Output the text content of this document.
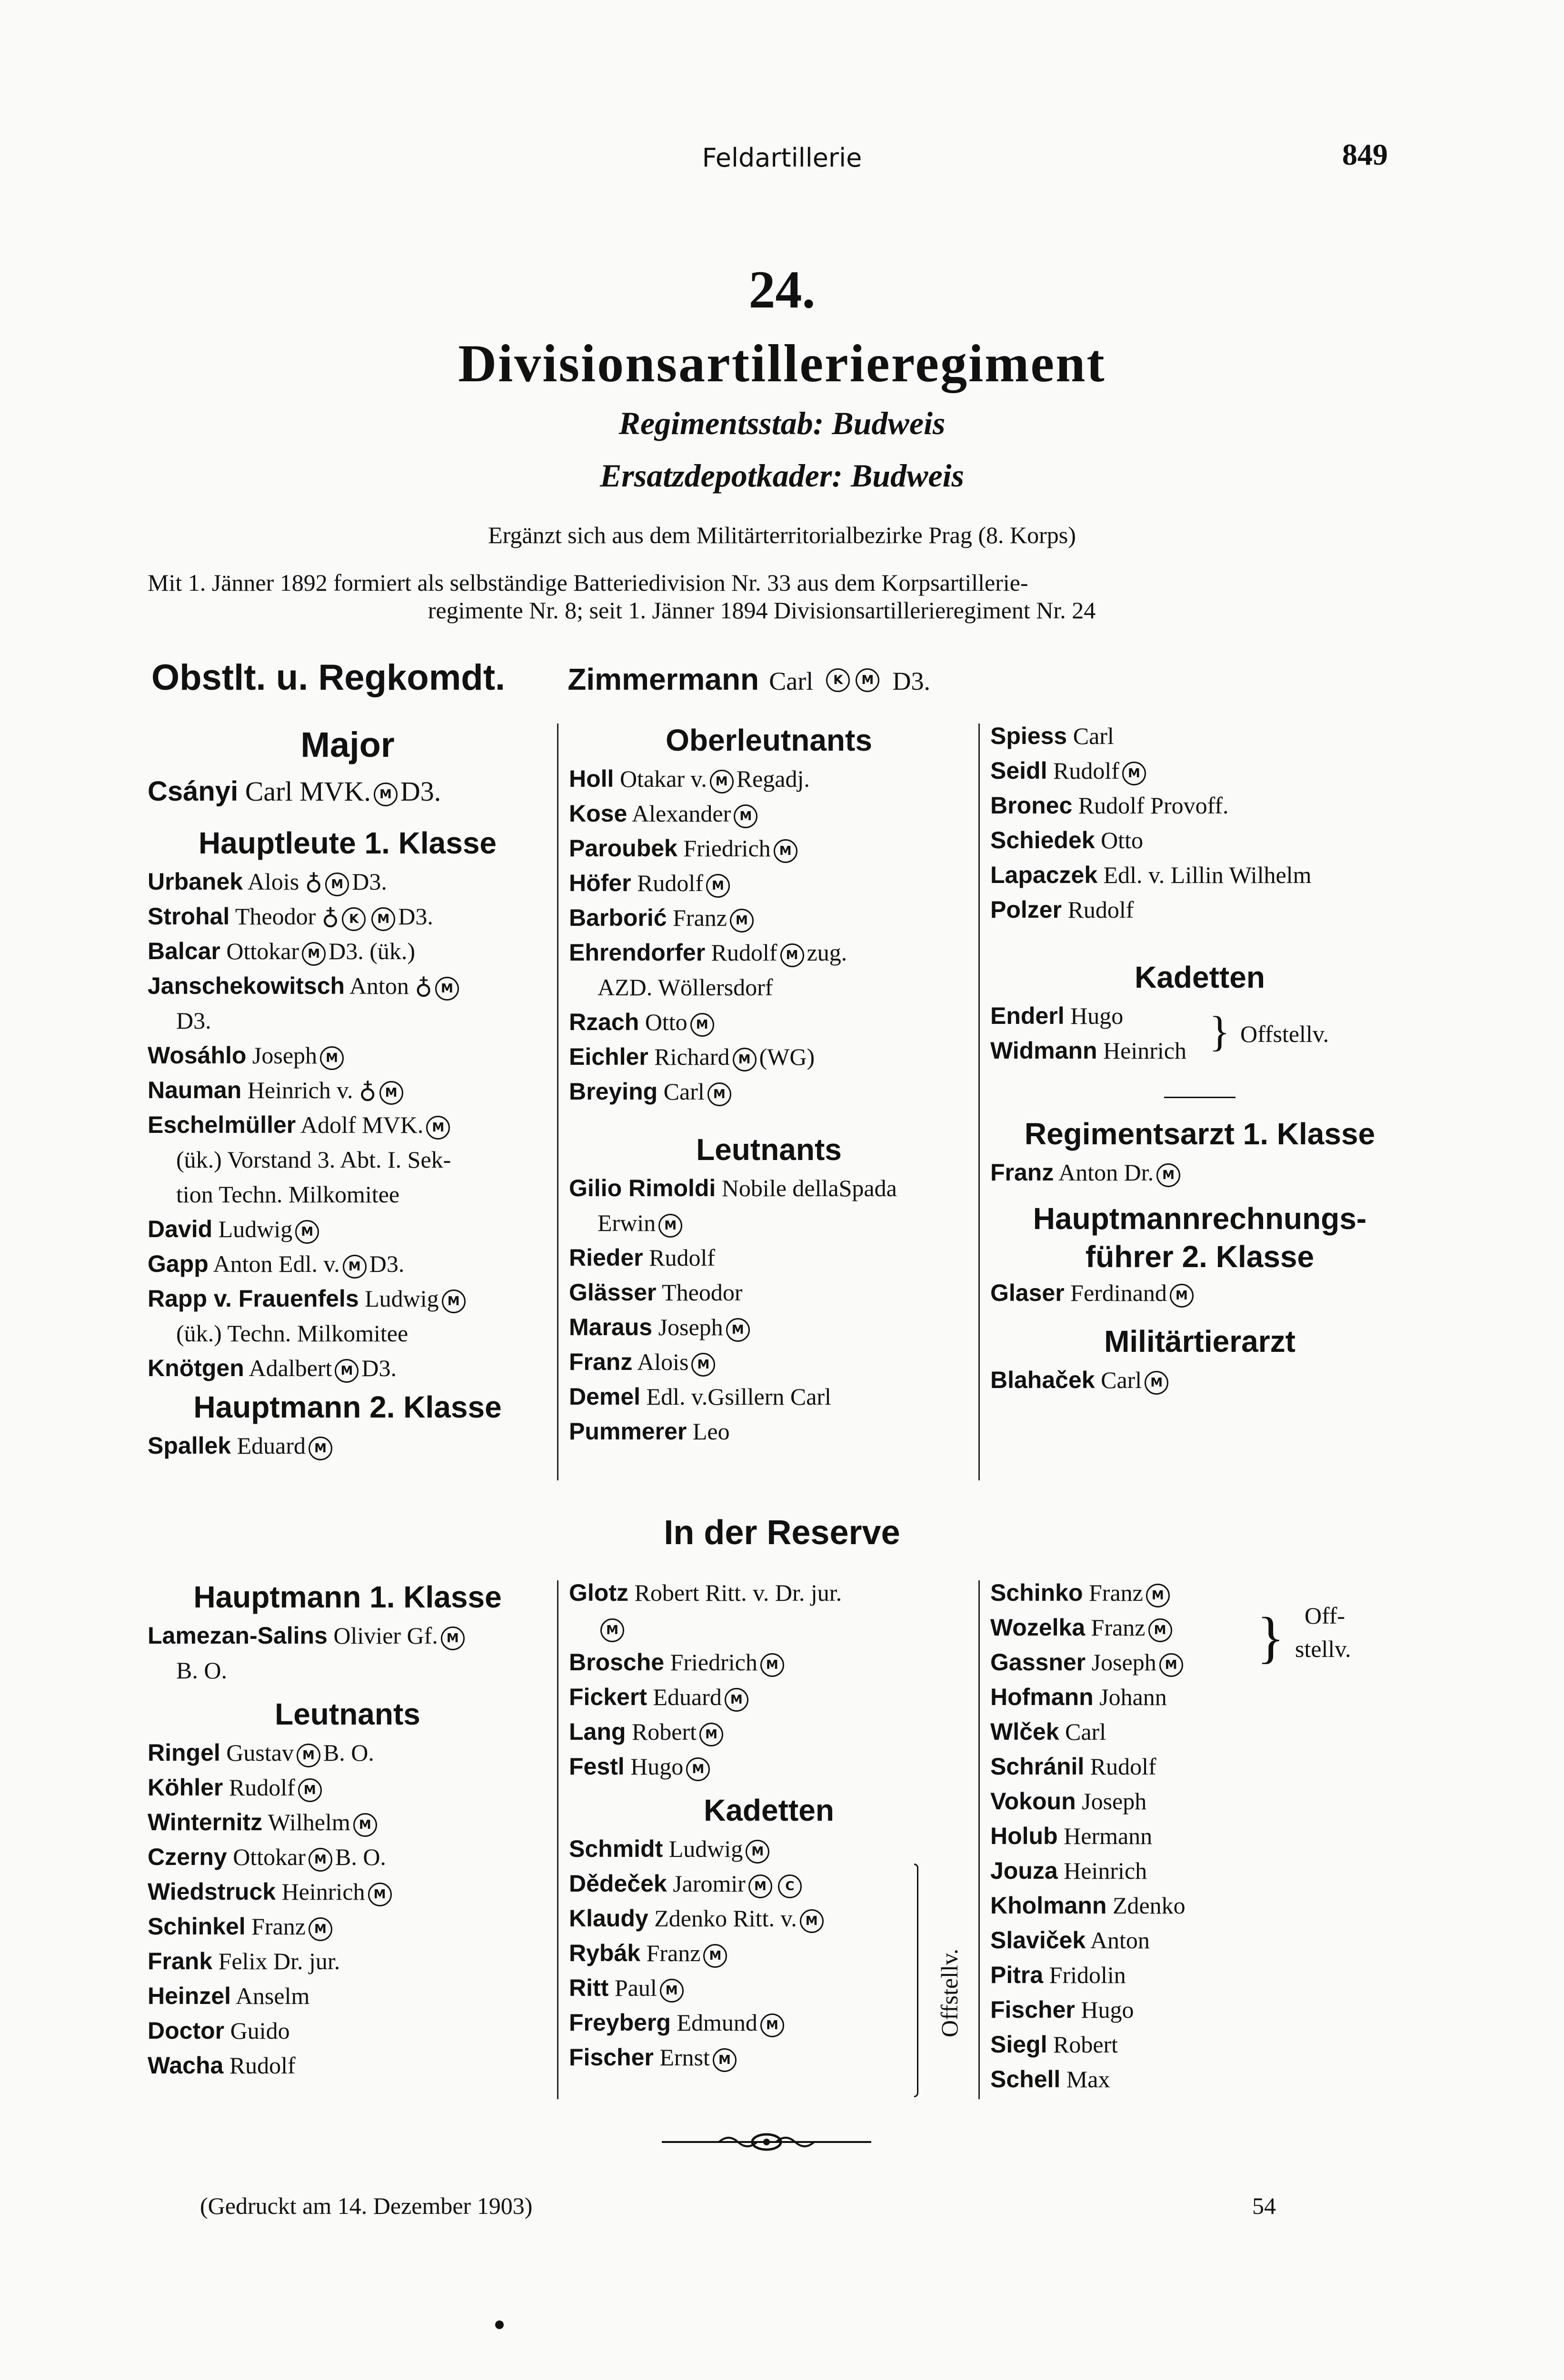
Feldartillerie	849
24.
Divisionsartillerieregiment
Regimentsstab: Budweis
Ersatzdepotkader: Budweis
Ergänzt sich aus dem Militärterritorialbezirke Prag (8. Korps)
Mit 1. Jänner 1892 formiert als selbständige Batteriedivision Nr. 33 aus dem Korpsartillerie-
regimente Nr. 8; seit 1. Jänner 1894 Divisionsartillerieregiment Nr. 24
Obstlt. u. Regkomdt. Zimmermann Carl K M D3.
Major
Csányi Carl MVK. M D3.
Hauptleute 1. Klasse
Urbanek Alois ♁ M D3.
Strohal Theodor ♁ K M D3.
Balcar Ottokar M D3. (ük.)
Janschekowitsch Anton ♁ M
D3.
Wosáhlo Joseph M
Nauman Heinrich v. ♁ M
Eschelmüller Adolf MVK. M
(ük.) Vorstand 3. Abt. I. Sek-
tion Techn. Milkomitee
David Ludwig M
Gapp Anton Edl. v. M D3.
Rapp v. Frauenfels Ludwig M
(ük.) Techn. Milkomitee
Knötgen Adalbert M D3.
Hauptmann 2. Klasse
Spallek Eduard M
Oberleutnants
Holl Otakar v. M Regadj.
Kose Alexander M
Paroubek Friedrich M
Höfer Rudolf M
Barborić Franz M
Ehrendorfer Rudolf M zug.
AZD. Wöllersdorf
Rzach Otto M
Eichler Richard M (WG)
Breying Carl M
Leutnants
Gilio Rimoldi Nobile dellaSpada
Erwin M
Rieder Rudolf
Glässer Theodor
Maraus Joseph M
Franz Alois M
Demel Edl. v.Gsillern Carl
Pummerer Leo
Spiess Carl
Seidl Rudolf M
Bronec Rudolf Provoff.
Schiedek Otto
Lapaczek Edl. v. Lillin Wilhelm
Polzer Rudolf
Kadetten
Enderl Hugo
Widmann Heinrich } Offstellv.
Regimentsarzt 1. Klasse
Franz Anton Dr. M
Hauptmannrechnungs-
führer 2. Klasse
Glaser Ferdinand M
Militärtierarzt
Blahaček Carl M
In der Reserve
Hauptmann 1. Klasse
Lamezan-Salins Olivier Gf. M
B. O.
Leutnants
Ringel Gustav M B. O.
Köhler Rudolf M
Winternitz Wilhelm M
Czerny Ottokar M B. O.
Wiedstruck Heinrich M
Schinkel Franz M
Frank Felix Dr. jur.
Heinzel Anselm
Doctor Guido
Wacha Rudolf
Glotz Robert Ritt. v. Dr. jur.
M
Brosche Friedrich M
Fickert Eduard M
Lang Robert M
Festl Hugo M
Kadetten
Schmidt Ludwig M
Dědeček Jaromir M C
Klaudy Zdenko Ritt. v. M
Rybák Franz M
Ritt Paul M
Freyberg Edmund M
Fischer Ernst M
Offstellv.
Schinko Franz M
Wozelka Franz M
Gassner Joseph M
Hofmann Johann
Wlček Carl
Schránil Rudolf
Vokoun Joseph
Holub Hermann
Jouza Heinrich
Kholmann Zdenko
Slaviček Anton
Pitra Fridolin
Fischer Hugo
Siegl Robert
Schell Max
} Off-
stellv.
(Gedruckt am 14. Dezember 1903)	54
